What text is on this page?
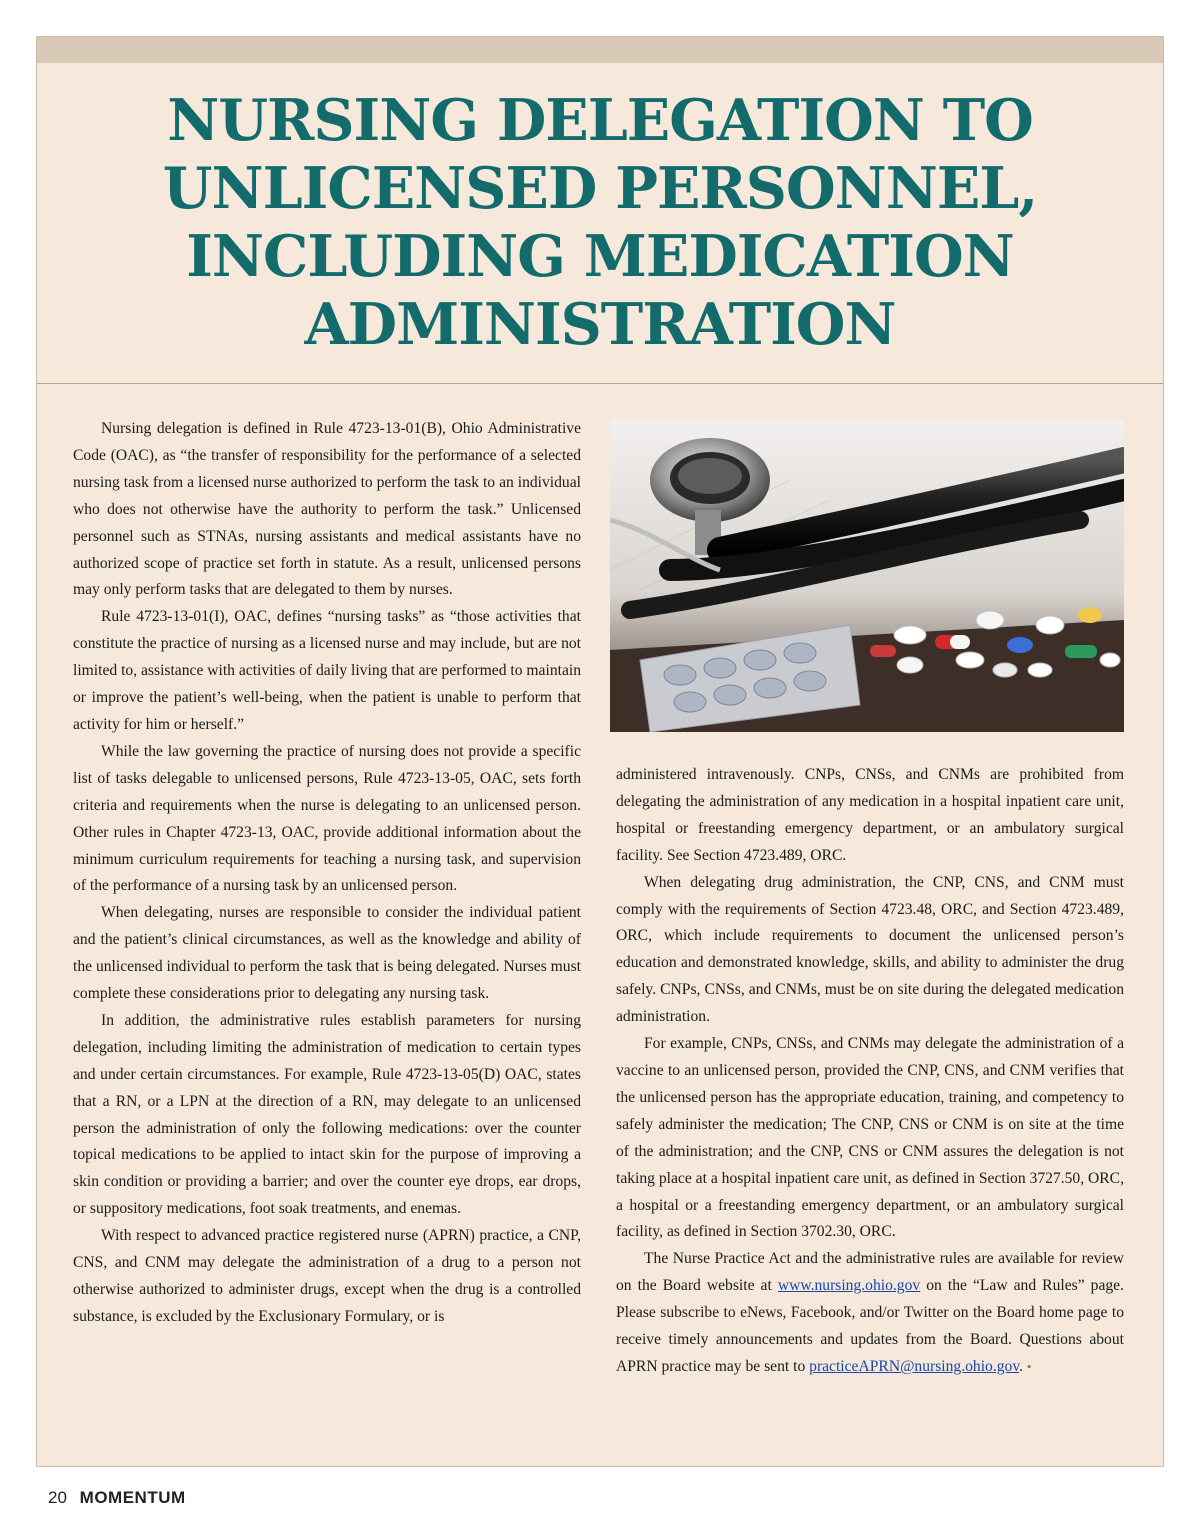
NURSING DELEGATION TO
UNLICENSED PERSONNEL,
INCLUDING MEDICATION
ADMINISTRATION

Nursing delegation is defined in Rule 4723-13-01(B), Ohio Administrative Code (OAC), as “the transfer of responsibility for the performance of a selected nursing task from a licensed nurse authorized to perform the task to an individual who does not otherwise have the authority to perform the task.” Unlicensed personnel such as STNAs, nursing assistants and medical assistants have no authorized scope of practice set forth in statute. As a result, unlicensed persons may only perform tasks that are delegated to them by nurses.

Rule 4723-13-01(I), OAC, defines “nursing tasks” as “those activities that constitute the practice of nursing as a licensed nurse and may include, but are not limited to, assistance with activities of daily living that are performed to maintain or improve the patient’s well-being, when the patient is unable to perform that activity for him or herself.”

While the law governing the practice of nursing does not provide a specific list of tasks delegable to unlicensed persons, Rule 4723-13-05, OAC, sets forth criteria and requirements when the nurse is delegating to an unlicensed person. Other rules in Chapter 4723-13, OAC, provide additional information about the minimum curriculum requirements for teaching a nursing task, and supervision of the performance of a nursing task by an unlicensed person.

When delegating, nurses are responsible to consider the individual patient and the patient’s clinical circumstances, as well as the knowledge and ability of the unlicensed individual to perform the task that is being delegated. Nurses must complete these considerations prior to delegating any nursing task.

In addition, the administrative rules establish parameters for nursing delegation, including limiting the administration of medication to certain types and under certain circumstances. For example, Rule 4723-13-05(D) OAC, states that a RN, or a LPN at the direction of a RN, may delegate to an unlicensed person the administration of only the following medications: over the counter topical medications to be applied to intact skin for the purpose of improving a skin condition or providing a barrier; and over the counter eye drops, ear drops, or suppository medications, foot soak treatments, and enemas.

With respect to advanced practice registered nurse (APRN) practice, a CNP, CNS, and CNM may delegate the administration of a drug to a person not otherwise authorized to administer drugs, except when the drug is a controlled substance, is excluded by the Exclusionary Formulary, or is

administered intravenously. CNPs, CNSs, and CNMs are prohibited from delegating the administration of any medication in a hospital inpatient care unit, hospital or freestanding emergency department, or an ambulatory surgical facility. See Section 4723.489, ORC.

When delegating drug administration, the CNP, CNS, and CNM must comply with the requirements of Section 4723.48, ORC, and Section 4723.489, ORC, which include requirements to document the unlicensed person’s education and demonstrated knowledge, skills, and ability to administer the drug safely. CNPs, CNSs, and CNMs, must be on site during the delegated medication administration.

For example, CNPs, CNSs, and CNMs may delegate the administration of a vaccine to an unlicensed person, provided the CNP, CNS, and CNM verifies that the unlicensed person has the appropriate education, training, and competency to safely administer the medication; The CNP, CNS or CNM is on site at the time of the administration; and the CNP, CNS or CNM assures the delegation is not taking place at a hospital inpatient care unit, as defined in Section 3727.50, ORC, a hospital or a freestanding emergency department, or an ambulatory surgical facility, as defined in Section 3702.30, ORC.

The Nurse Practice Act and the administrative rules are available for review on the Board website at www.nursing.ohio.gov on the “Law and Rules” page. Please subscribe to eNews, Facebook, and/or Twitter on the Board home page to receive timely announcements and updates from the Board. Questions about APRN practice may be sent to practiceAPRN@nursing.ohio.gov. •

20 MOMENTUM
